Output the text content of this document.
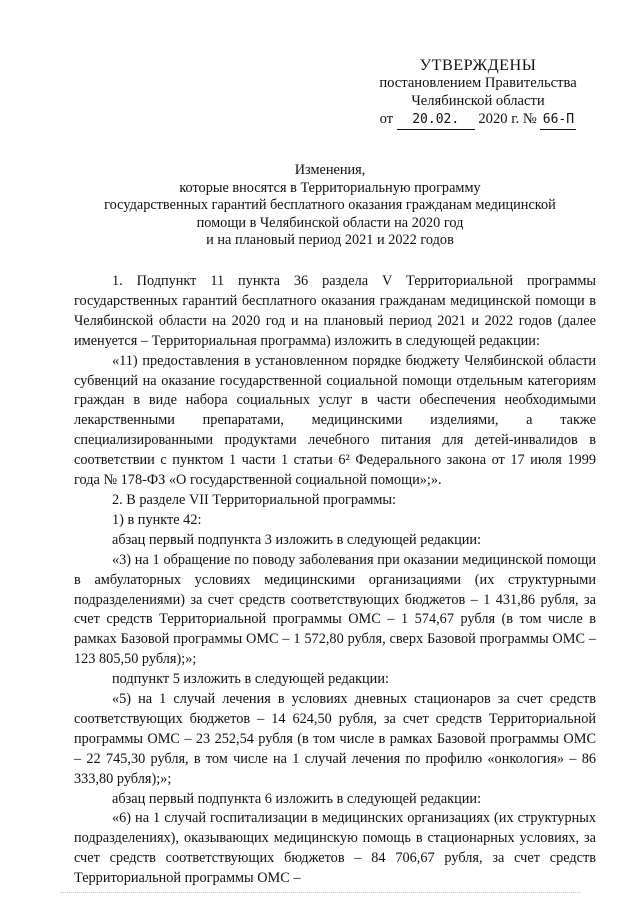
УТВЕРЖДЕНЫ
постановлением Правительства
Челябинской области
от 20.02. 2020 г. № 66-П
Изменения,
которые вносятся в Территориальную программу
государственных гарантий бесплатного оказания гражданам медицинской
помощи в Челябинской области на 2020 год
и на плановый период 2021 и 2022 годов

1. Подпункт 11 пункта 36 раздела V Территориальной программы государственных гарантий бесплатного оказания гражданам медицинской помощи в Челябинской области на 2020 год и на плановый период 2021 и 2022 годов (далее именуется – Территориальная программа) изложить в следующей редакции:

«11) предоставления в установленном порядке бюджету Челябинской области субвенций на оказание государственной социальной помощи отдельным категориям граждан в виде набора социальных услуг в части обеспечения необходимыми лекарственными препаратами, медицинскими изделиями, а также специализированными продуктами лечебного питания для детей-инвалидов в соответствии с пунктом 1 части 1 статьи 6² Федерального закона от 17 июля 1999 года № 178-ФЗ «О государственной социальной помощи»;».

2. В разделе VII Территориальной программы:

1) в пункте 42:

абзац первый подпункта 3 изложить в следующей редакции:

«3) на 1 обращение по поводу заболевания при оказании медицинской помощи в амбулаторных условиях медицинскими организациями (их структурными подразделениями) за счет средств соответствующих бюджетов – 1 431,86 рубля, за счет средств Территориальной программы ОМС – 1 574,67 рубля (в том числе в рамках Базовой программы ОМС – 1 572,80 рубля, сверх Базовой программы ОМС – 123 805,50 рубля);»;

подпункт 5 изложить в следующей редакции:

«5) на 1 случай лечения в условиях дневных стационаров за счет средств соответствующих бюджетов – 14 624,50 рубля, за счет средств Территориальной программы ОМС – 23 252,54 рубля (в том числе в рамках Базовой программы ОМС – 22 745,30 рубля, в том числе на 1 случай лечения по профилю «онкология» – 86 333,80 рубля);»;

абзац первый подпункта 6 изложить в следующей редакции:

«6) на 1 случай госпитализации в медицинских организациях (их структурных подразделениях), оказывающих медицинскую помощь в стационарных условиях, за счет средств соответствующих бюджетов – 84 706,67 рубля, за счет средств Территориальной программы ОМС –
